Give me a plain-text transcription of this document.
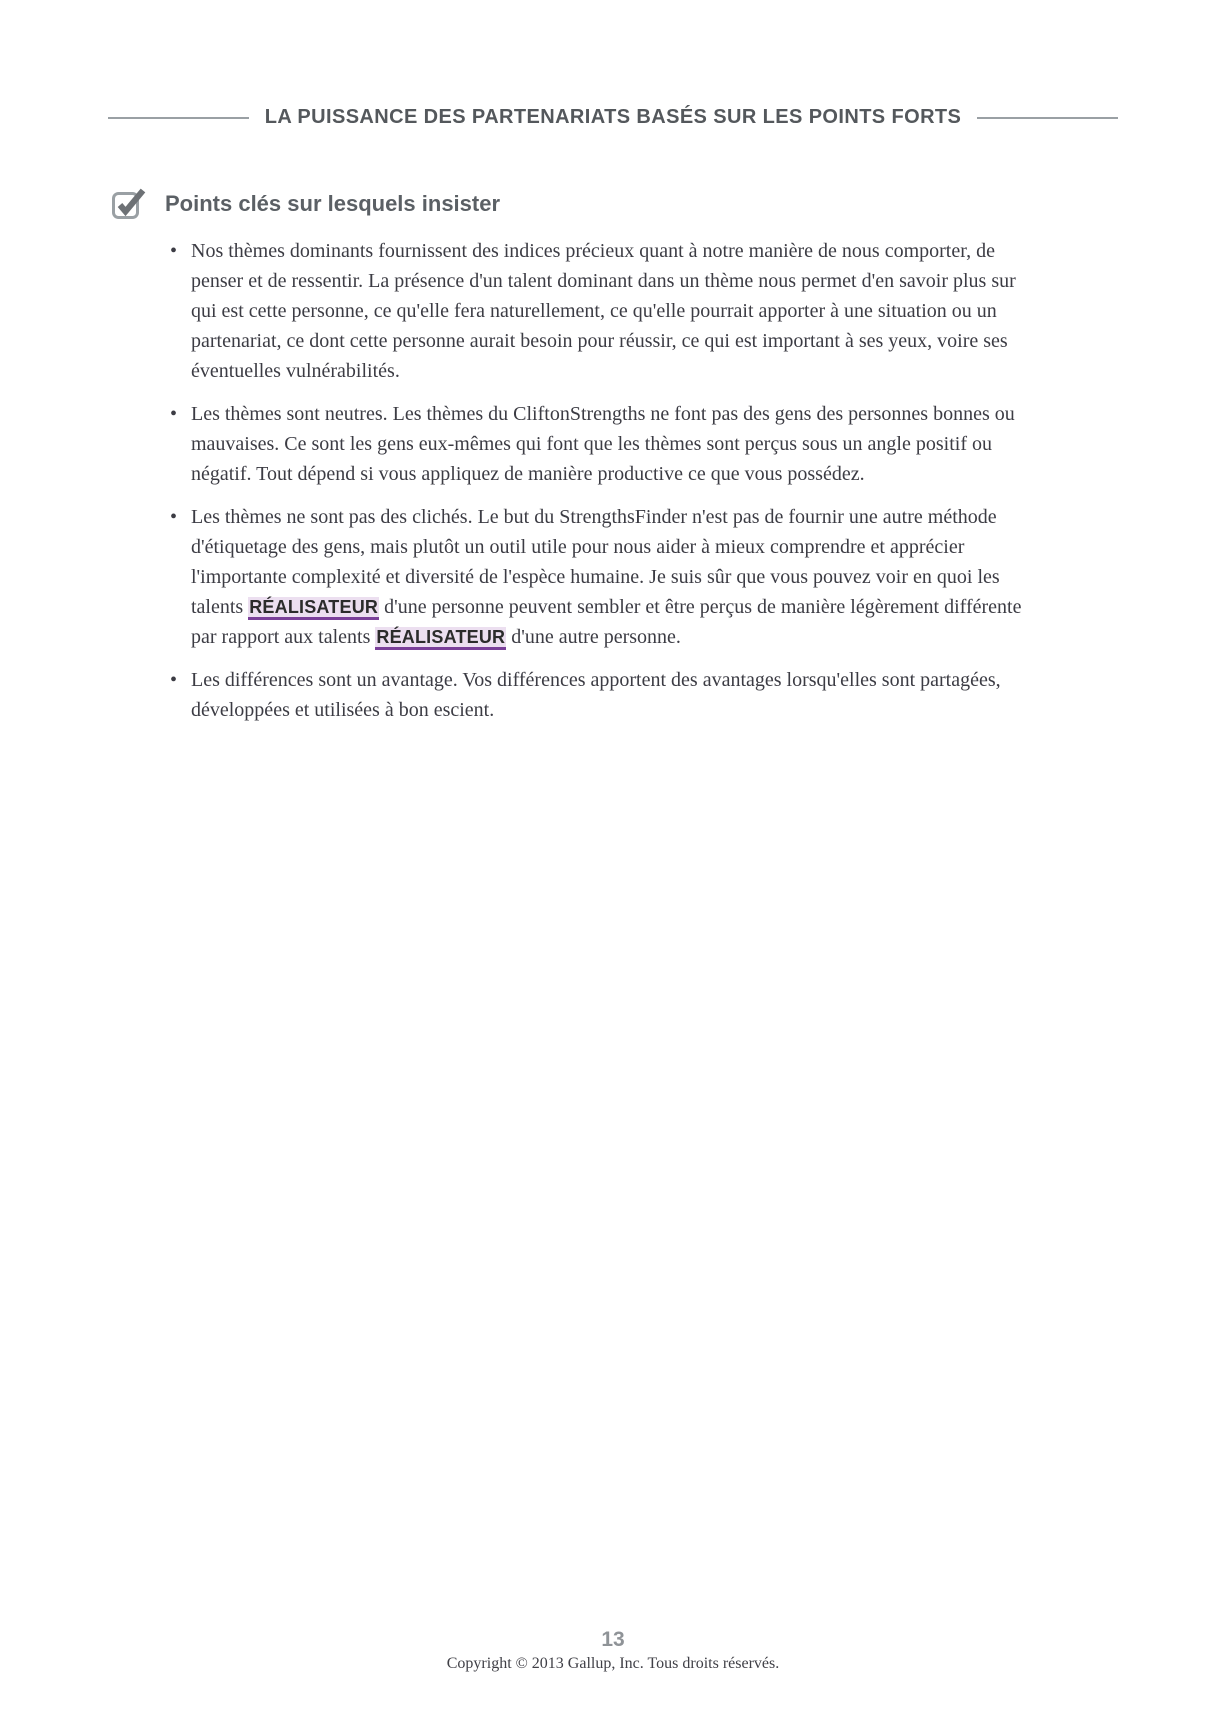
LA PUISSANCE DES PARTENARIATS BASÉS SUR LES POINTS FORTS
Points clés sur lesquels insister
• Nos thèmes dominants fournissent des indices précieux quant à notre manière de nous comporter, de penser et de ressentir. La présence d'un talent dominant dans un thème nous permet d'en savoir plus sur qui est cette personne, ce qu'elle fera naturellement, ce qu'elle pourrait apporter à une situation ou un partenariat, ce dont cette personne aurait besoin pour réussir, ce qui est important à ses yeux, voire ses éventuelles vulnérabilités.
• Les thèmes sont neutres. Les thèmes du CliftonStrengths ne font pas des gens des personnes bonnes ou mauvaises. Ce sont les gens eux-mêmes qui font que les thèmes sont perçus sous un angle positif ou négatif. Tout dépend si vous appliquez de manière productive ce que vous possédez.
• Les thèmes ne sont pas des clichés. Le but du StrengthsFinder n'est pas de fournir une autre méthode d'étiquetage des gens, mais plutôt un outil utile pour nous aider à mieux comprendre et apprécier l'importante complexité et diversité de l'espèce humaine. Je suis sûr que vous pouvez voir en quoi les talents RÉALISATEUR d'une personne peuvent sembler et être perçus de manière légèrement différente par rapport aux talents RÉALISATEUR d'une autre personne.
• Les différences sont un avantage. Vos différences apportent des avantages lorsqu'elles sont partagées, développées et utilisées à bon escient.
13
Copyright © 2013 Gallup, Inc. Tous droits réservés.
